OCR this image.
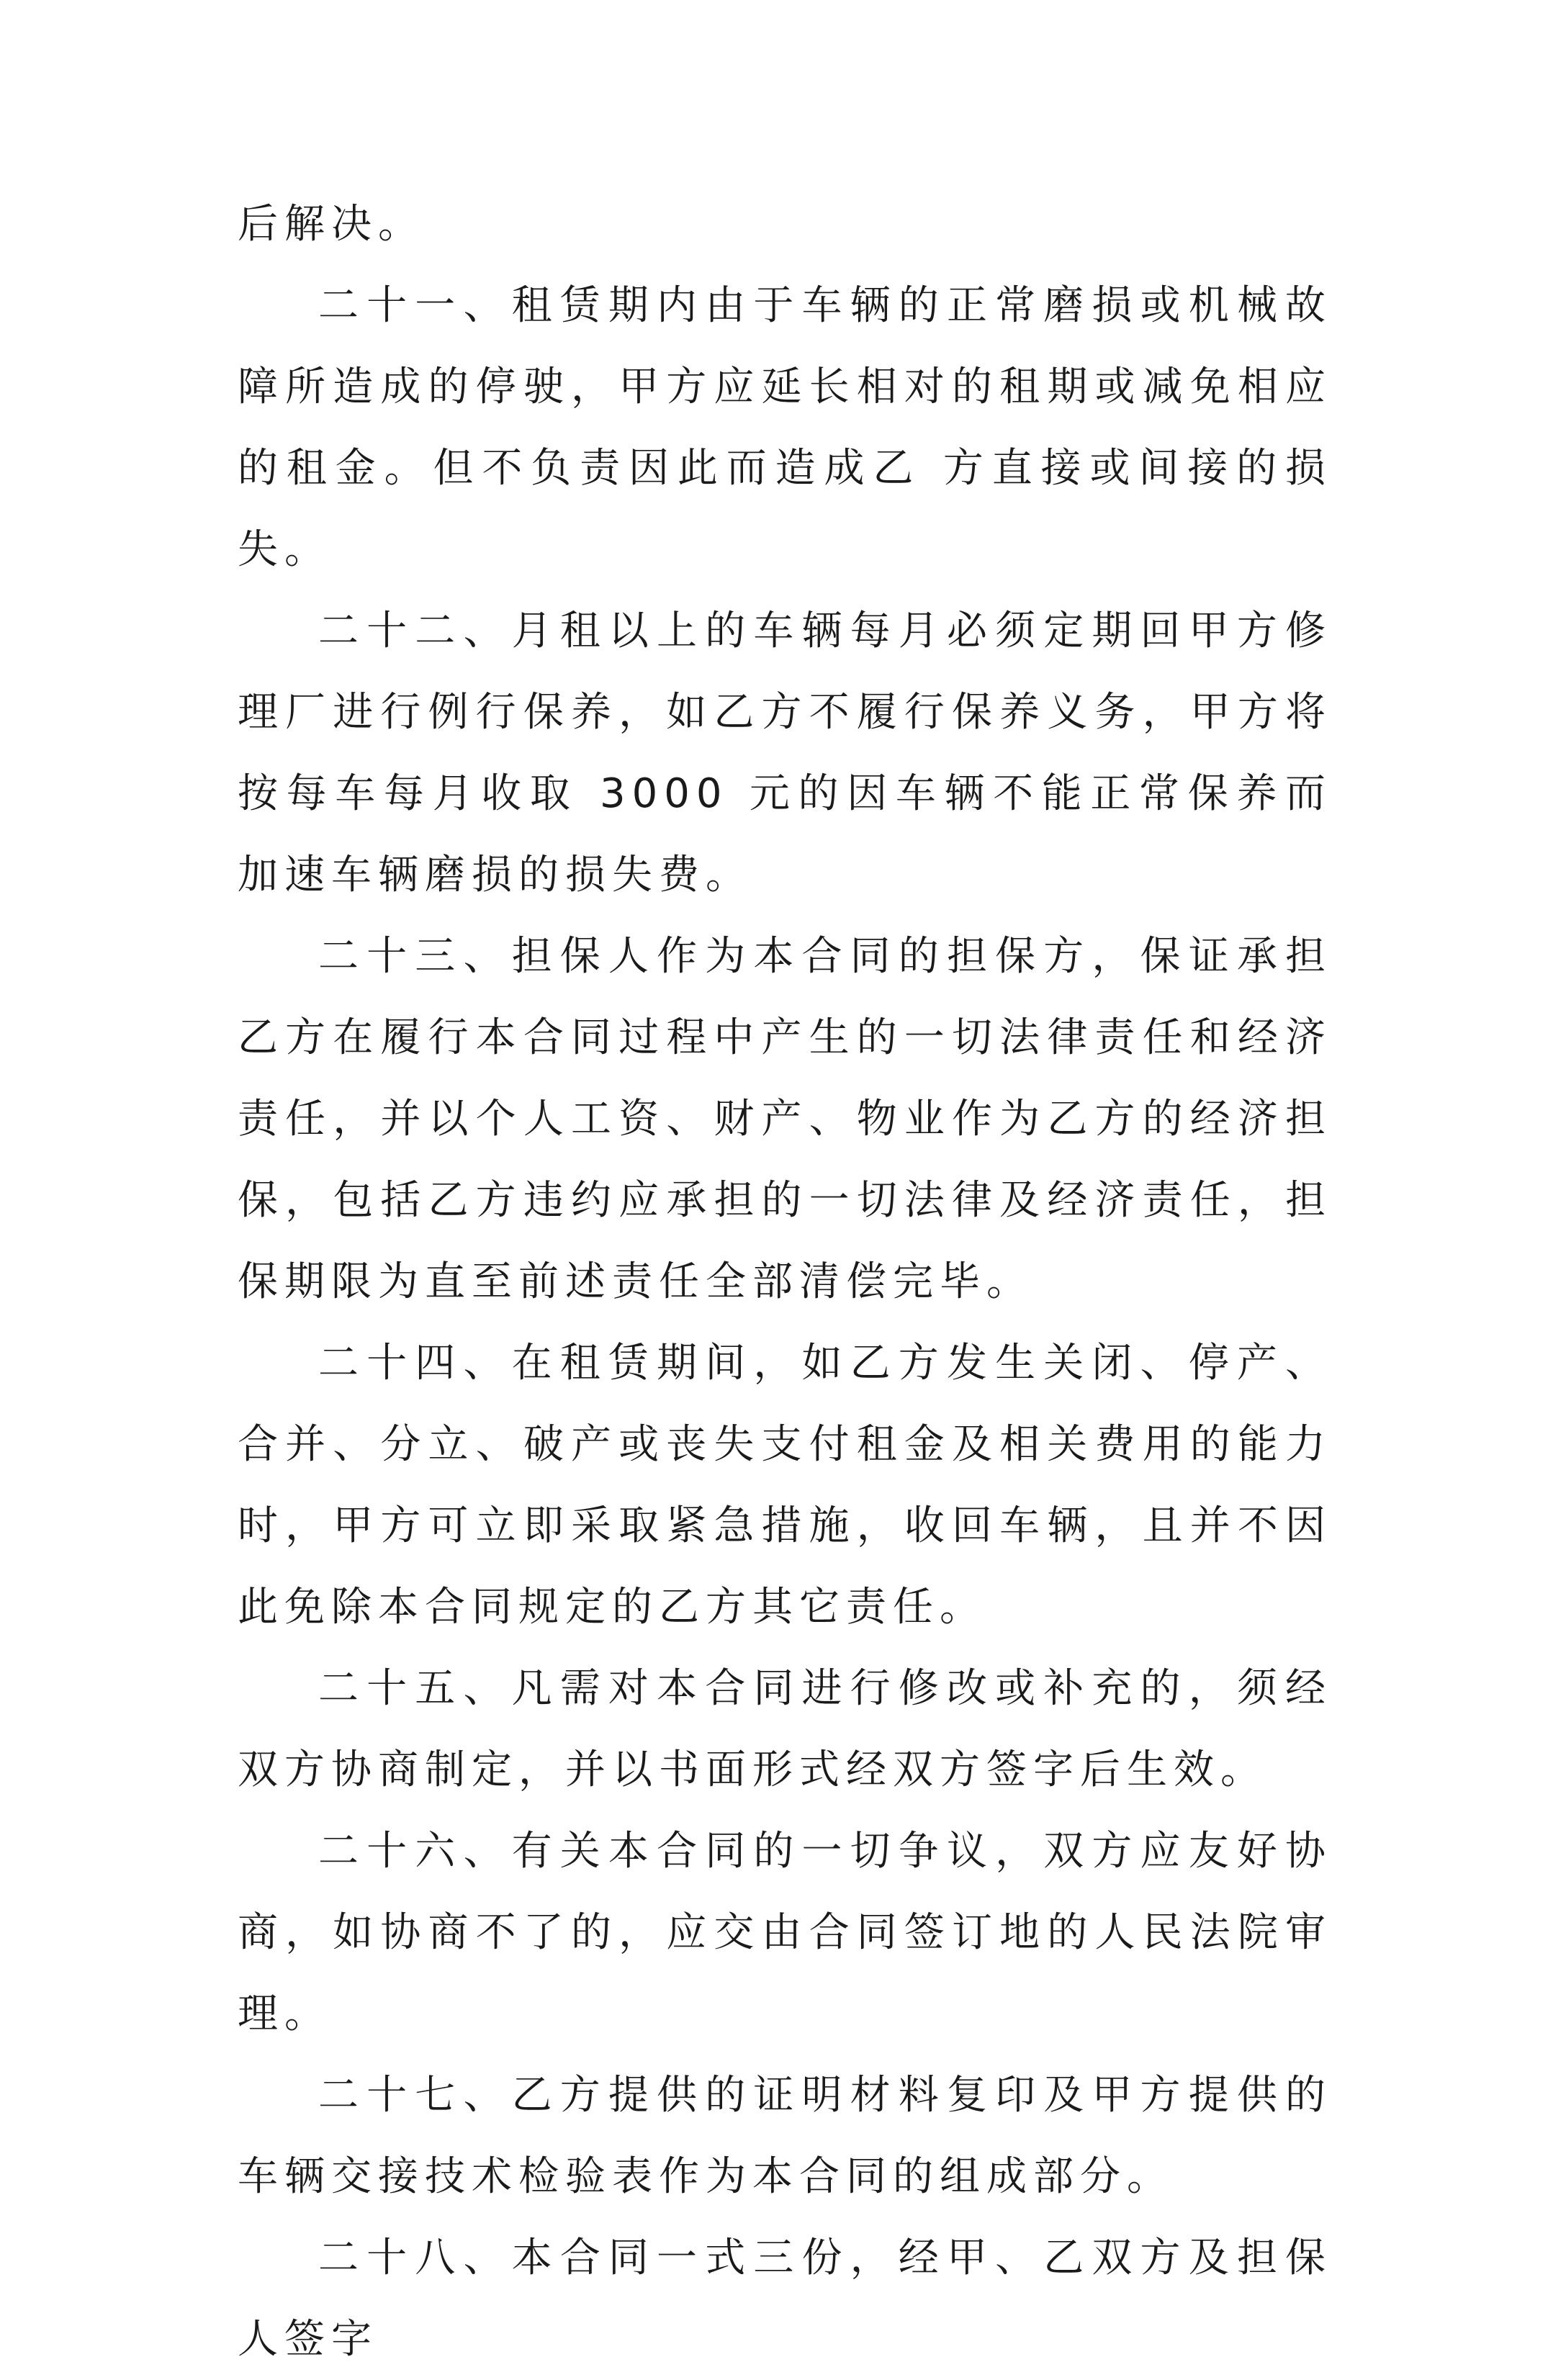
后解决。

二十一、租赁期内由于车辆的正常磨损或机械故障所造成的停驶，甲方应延长相对的租期或减免相应的租金。但不负责因此而造成乙 方直接或间接的损失。

二十二、月租以上的车辆每月必须定期回甲方修理厂进行例行保养，如乙方不履行保养义务，甲方将按每车每月收取 3000 元的因车辆不能正常保养而加速车辆磨损的损失费。

二十三、担保人作为本合同的担保方，保证承担乙方在履行本合同过程中产生的一切法律责任和经济责任，并以个人工资、财产、物业作为乙方的经济担保，包括乙方违约应承担的一切法律及经济责任，担保期限为直至前述责任全部清偿完毕。

二十四、在租赁期间，如乙方发生关闭、停产、合并、分立、破产或丧失支付租金及相关费用的能力时，甲方可立即采取紧急措施，收回车辆，且并不因此免除本合同规定的乙方其它责任。

二十五、凡需对本合同进行修改或补充的，须经双方协商制定，并以书面形式经双方签字后生效。

二十六、有关本合同的一切争议，双方应友好协商，如协商不了的，应交由合同签订地的人民法院审理。

二十七、乙方提供的证明材料复印及甲方提供的车辆交接技术检验表作为本合同的组成部分。

二十八、本合同一式三份，经甲、乙双方及担保人签字
